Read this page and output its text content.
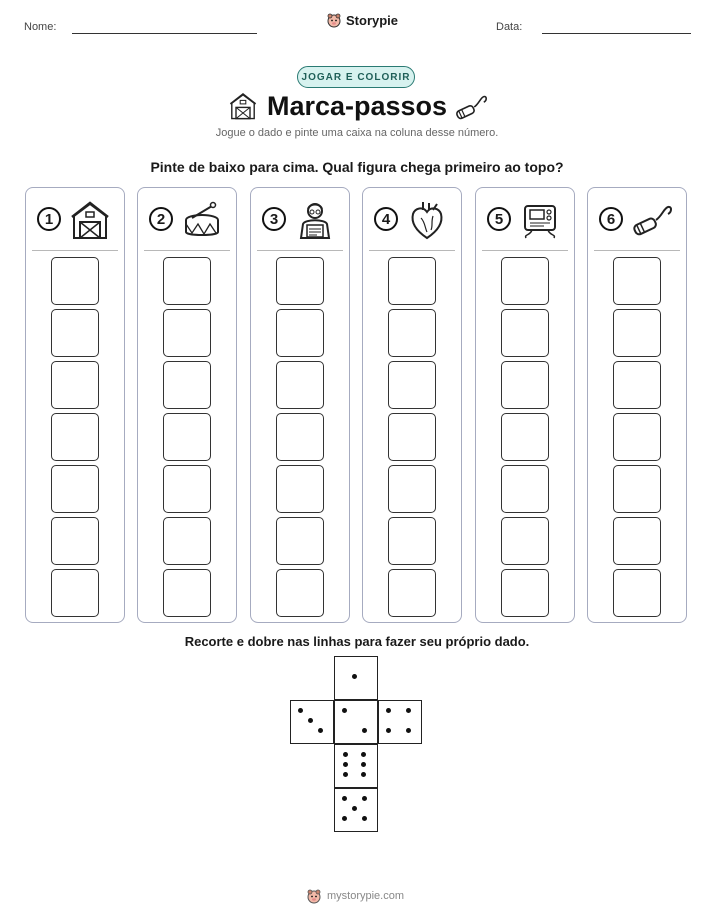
Nome:	Storypie	Data:
JOGAR E COLORIR
Marca-passos
Jogue o dado e pinte uma caixa na coluna desse número.
Pinte de baixo para cima. Qual figura chega primeiro ao topo?
1	2	3	4	5	6
Recorte e dobre nas linhas para fazer seu próprio dado.
mystorypie.com
